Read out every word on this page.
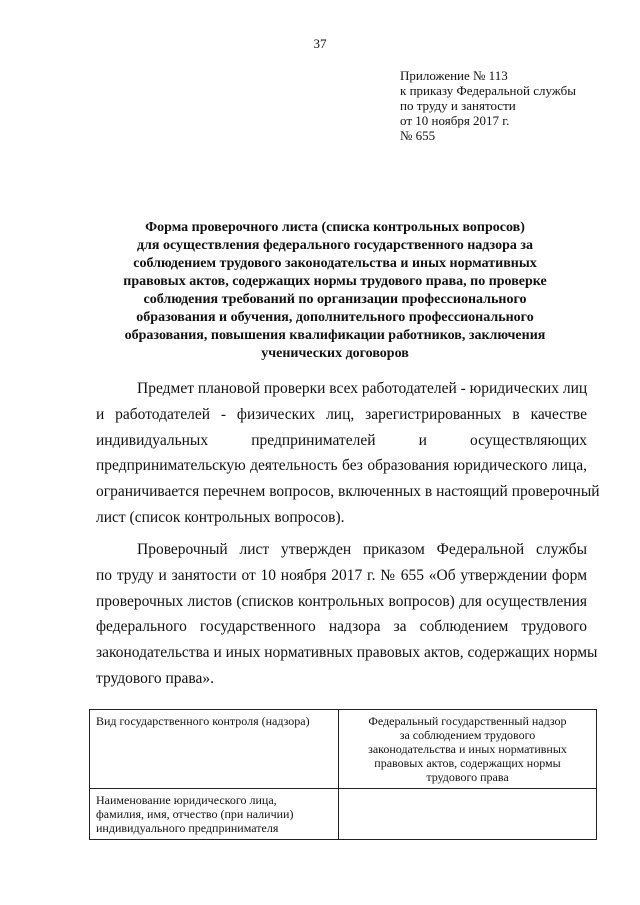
37
Приложение № 113
к приказу Федеральной службы
по труду и занятости
от 10 ноября 2017 г.
№ 655
Форма проверочного листа (списка контрольных вопросов)
для осуществления федерального государственного надзора за
соблюдением трудового законодательства и иных нормативных
правовых актов, содержащих нормы трудового права, по проверке
соблюдения требований по организации профессионального
образования и обучения, дополнительного профессионального
образования, повышения квалификации работников, заключения
ученических договоров
Предмет плановой проверки всех работодателей - юридических лиц
и работодателей - физических лиц, зарегистрированных в качестве
индивидуальных предпринимателей и осуществляющих
предпринимательскую деятельность без образования юридического лица,
ограничивается перечнем вопросов, включенных в настоящий проверочный
лист (список контрольных вопросов).
Проверочный лист утвержден приказом Федеральной службы
по труду и занятости от 10 ноября 2017 г. № 655 «Об утверждении форм
проверочных листов (списков контрольных вопросов) для осуществления
федерального государственного надзора за соблюдением трудового
законодательства и иных нормативных правовых актов, содержащих нормы
трудового права».
Вид государственного контроля (надзора)	Федеральный государственный надзор
за соблюдением трудового
законодательства и иных нормативных
правовых актов, содержащих нормы
трудового права

Наименование юридического лица,
фамилия, имя, отчество (при наличии)
индивидуального предпринимателя	
